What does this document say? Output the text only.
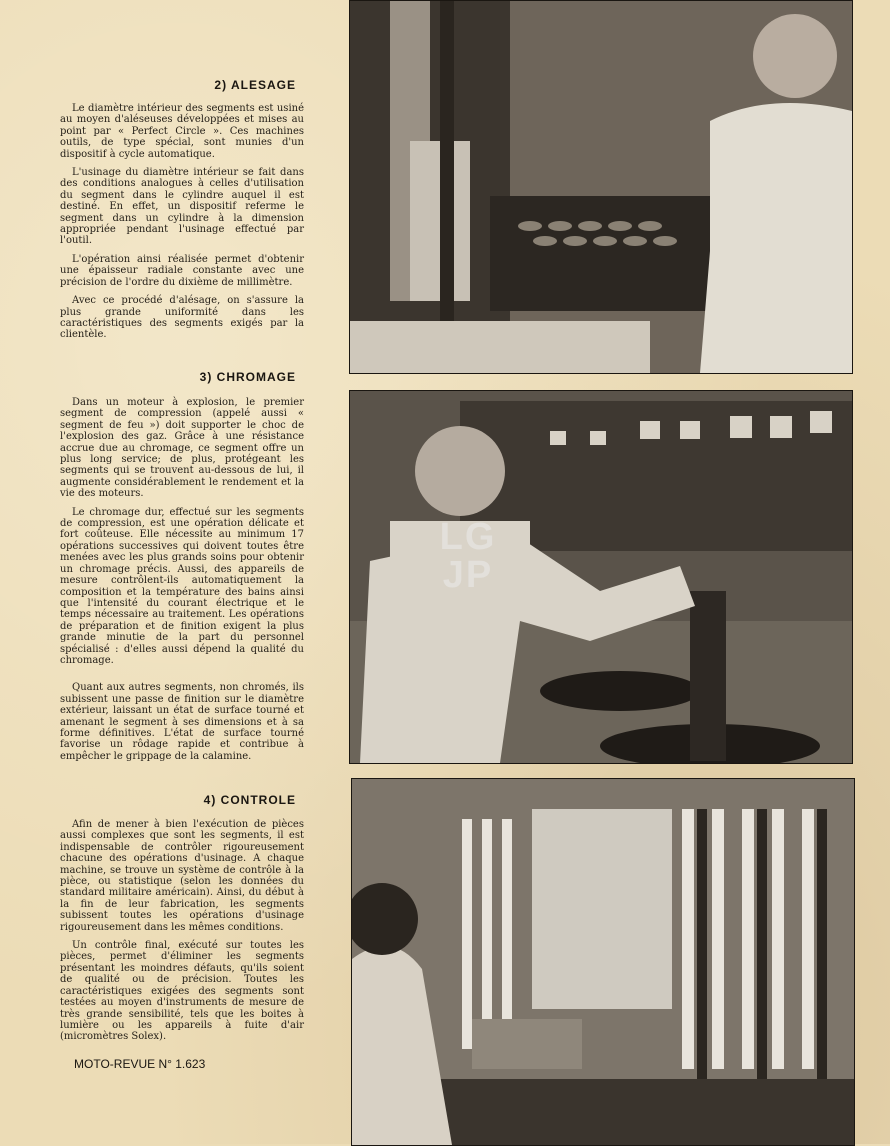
2) ALESAGE

Le diamètre intérieur des segments est usiné au moyen d'aléseuses développées et mises au point par « Perfect Circle ». Ces machines outils, de type spécial, sont munies d'un dispositif à cycle automatique.

L'usinage du diamètre intérieur se fait dans des conditions analogues à celles d'utilisation du segment dans le cylindre auquel il est destiné. En effet, un dispositif referme le segment dans un cylindre à la dimension appropriée pendant l'usinage effectué par l'outil.

L'opération ainsi réalisée permet d'obtenir une épaisseur radiale constante avec une précision de l'ordre du dixième de millimètre.

Avec ce procédé d'alésage, on s'assure la plus grande uniformité dans les caractéristiques des segments exigés par la clientèle.

3) CHROMAGE

Dans un moteur à explosion, le premier segment de compression (appelé aussi « segment de feu ») doit supporter le choc de l'explosion des gaz. Grâce à une résistance accrue due au chromage, ce segment offre un plus long service; de plus, protégeant les segments qui se trouvent au-dessous de lui, il augmente considérablement le rendement et la vie des moteurs.

Le chromage dur, effectué sur les segments de compression, est une opération délicate et fort coûteuse. Elle nécessite au minimum 17 opérations successives qui doivent toutes être menées avec les plus grands soins pour obtenir un chromage précis. Aussi, des appareils de mesure contrôlent-ils automatiquement la composition et la température des bains ainsi que l'intensité du courant électrique et le temps nécessaire au traitement. Les opérations de préparation et de finition exigent la plus grande minutie de la part du personnel spécialisé : d'elles aussi dépend la qualité du chromage.

Quant aux autres segments, non chromés, ils subissent une passe de finition sur le diamètre extérieur, laissant un état de surface tourné et amenant le segment à ses dimensions et à sa forme définitives. L'état de surface tourné favorise un rôdage rapide et contribue à empêcher le grippage de la calamine.

4) CONTROLE

Afin de mener à bien l'exécution de pièces aussi complexes que sont les segments, il est indispensable de contrôler rigoureusement chacune des opérations d'usinage. A chaque machine, se trouve un système de contrôle à la pièce, ou statistique (selon les données du standard militaire américain). Ainsi, du début à la fin de leur fabrication, les segments subissent toutes les opérations d'usinage rigoureusement dans les mêmes conditions.

Un contrôle final, exécuté sur toutes les pièces, permet d'éliminer les segments présentant les moindres défauts, qu'ils soient de qualité ou de précision. Toutes les caractéristiques exigées des segments sont testées au moyen d'instruments de mesure de très grande sensibilité, tels que les boites à lumière ou les appareils à fuite d'air (micromètres Solex).

MOTO-REVUE N° 1.623
LG
JP
